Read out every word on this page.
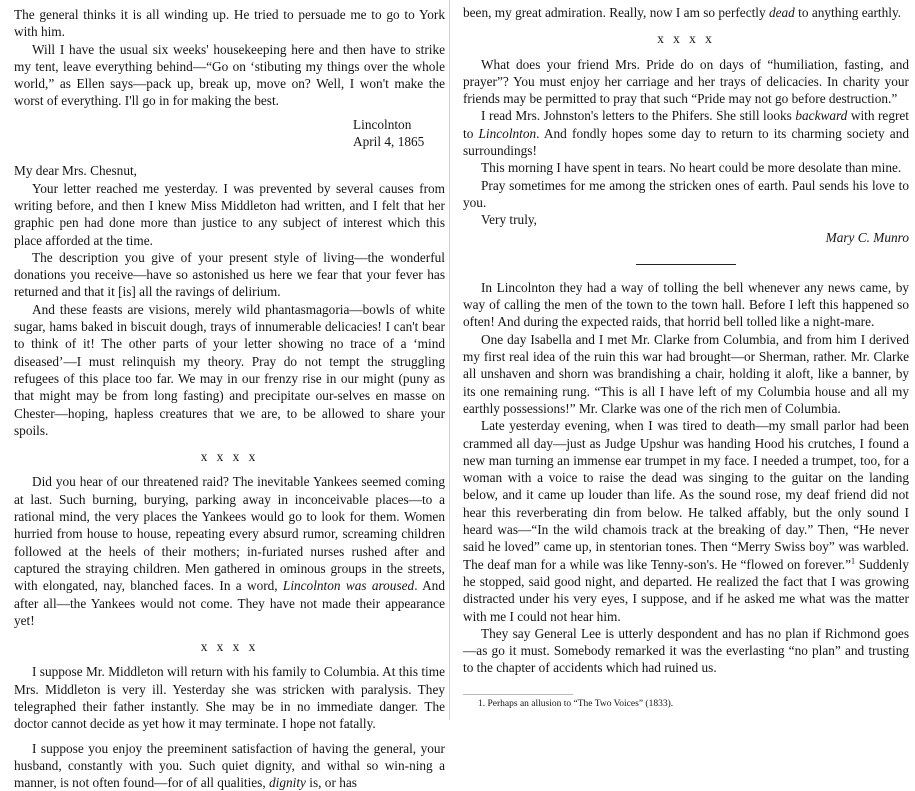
The general thinks it is all winding up. He tried to persuade me to go to York with him.

Will I have the usual six weeks' housekeeping here and then have to strike my tent, leave everything behind—“Go on ‘stibuting my things over the whole world,” as Ellen says—pack up, break up, move on? Well, I won't make the worst of everything. I'll go in for making the best.

Lincolnton

April 4, 1865

My dear Mrs. Chesnut,

Your letter reached me yesterday. I was prevented by several causes from writing before, and then I knew Miss Middleton had written, and I felt that her graphic pen had done more than justice to any subject of interest which this place afforded at the time.

The description you give of your present style of living—the wonderful donations you receive—have so astonished us here we fear that your fever has returned and that it [is] all the ravings of delirium.

And these feasts are visions, merely wild phantasmagoria—bowls of white sugar, hams baked in biscuit dough, trays of innumerable delicacies! I can't bear to think of it! The other parts of your letter showing no trace of a ‘mind diseased’—I must relinquish my theory. Pray do not tempt the struggling refugees of this place too far. We may in our frenzy rise in our might (puny as that might may be from long fasting) and precipitate our-selves en masse on Chester—hoping, hapless creatures that we are, to be allowed to share your spoils.

x x x x

Did you hear of our threatened raid? The inevitable Yankees seemed coming at last. Such burning, burying, parking away in inconceivable places—to a rational mind, the very places the Yankees would go to look for them. Women hurried from house to house, repeating every absurd rumor, screaming children followed at the heels of their mothers; in-furiated nurses rushed after and captured the straying children. Men gathered in ominous groups in the streets, with elongated, nay, blanched faces. In a word, Lincolnton was aroused. And after all—the Yankees would not come. They have not made their appearance yet!

x x x x

I suppose Mr. Middleton will return with his family to Columbia. At this time Mrs. Middleton is very ill. Yesterday she was stricken with paralysis. They telegraphed their father instantly. She may be in no immediate danger. The doctor cannot decide as yet how it may terminate. I hope not fatally.

I suppose you enjoy the preeminent satisfaction of having the general, your husband, constantly with you. Such quiet dignity, and withal so win-ning a manner, is not often found—for of all qualities, dignity is, or has

been, my great admiration. Really, now I am so perfectly dead to anything earthly.

x x x x

What does your friend Mrs. Pride do on days of “humiliation, fasting, and prayer”? You must enjoy her carriage and her trays of delicacies. In charity your friends may be permitted to pray that such “Pride may not go before destruction.”

I read Mrs. Johnston's letters to the Phifers. She still looks backward with regret to Lincolnton. And fondly hopes some day to return to its charming society and surroundings!

This morning I have spent in tears. No heart could be more desolate than mine.

Pray sometimes for me among the stricken ones of earth. Paul sends his love to you.

Very truly,

Mary C. Munro

In Lincolnton they had a way of tolling the bell whenever any news came, by way of calling the men of the town to the town hall. Before I left this happened so often! And during the expected raids, that horrid bell tolled like a night-mare.

One day Isabella and I met Mr. Clarke from Columbia, and from him I derived my first real idea of the ruin this war had brought—or Sherman, rather. Mr. Clarke all unshaven and shorn was brandishing a chair, holding it aloft, like a banner, by its one remaining rung. “This is all I have left of my Columbia house and all my earthly possessions!” Mr. Clarke was one of the rich men of Columbia.

Late yesterday evening, when I was tired to death—my small parlor had been crammed all day—just as Judge Upshur was handing Hood his crutches, I found a new man turning an immense ear trumpet in my face. I needed a trumpet, too, for a woman with a voice to raise the dead was singing to the guitar on the landing below, and it came up louder than life. As the sound rose, my deaf friend did not hear this reverberating din from below. He talked affably, but the only sound I heard was—“In the wild chamois track at the breaking of day.” Then, “He never said he loved” came up, in stentorian tones. Then “Merry Swiss boy” was warbled. The deaf man for a while was like Tenny-son's. He “flowed on forever.”$^1$ Suddenly he stopped, said good night, and departed. He realized the fact that I was growing distracted under his very eyes, I suppose, and if he asked me what was the matter with me I could not hear him.

They say General Lee is utterly despondent and has no plan if Richmond goes—as go it must. Somebody remarked it was the everlasting “no plan” and trusting to the chapter of accidents which had ruined us.

1. Perhaps an allusion to “The Two Voices” (1833).
